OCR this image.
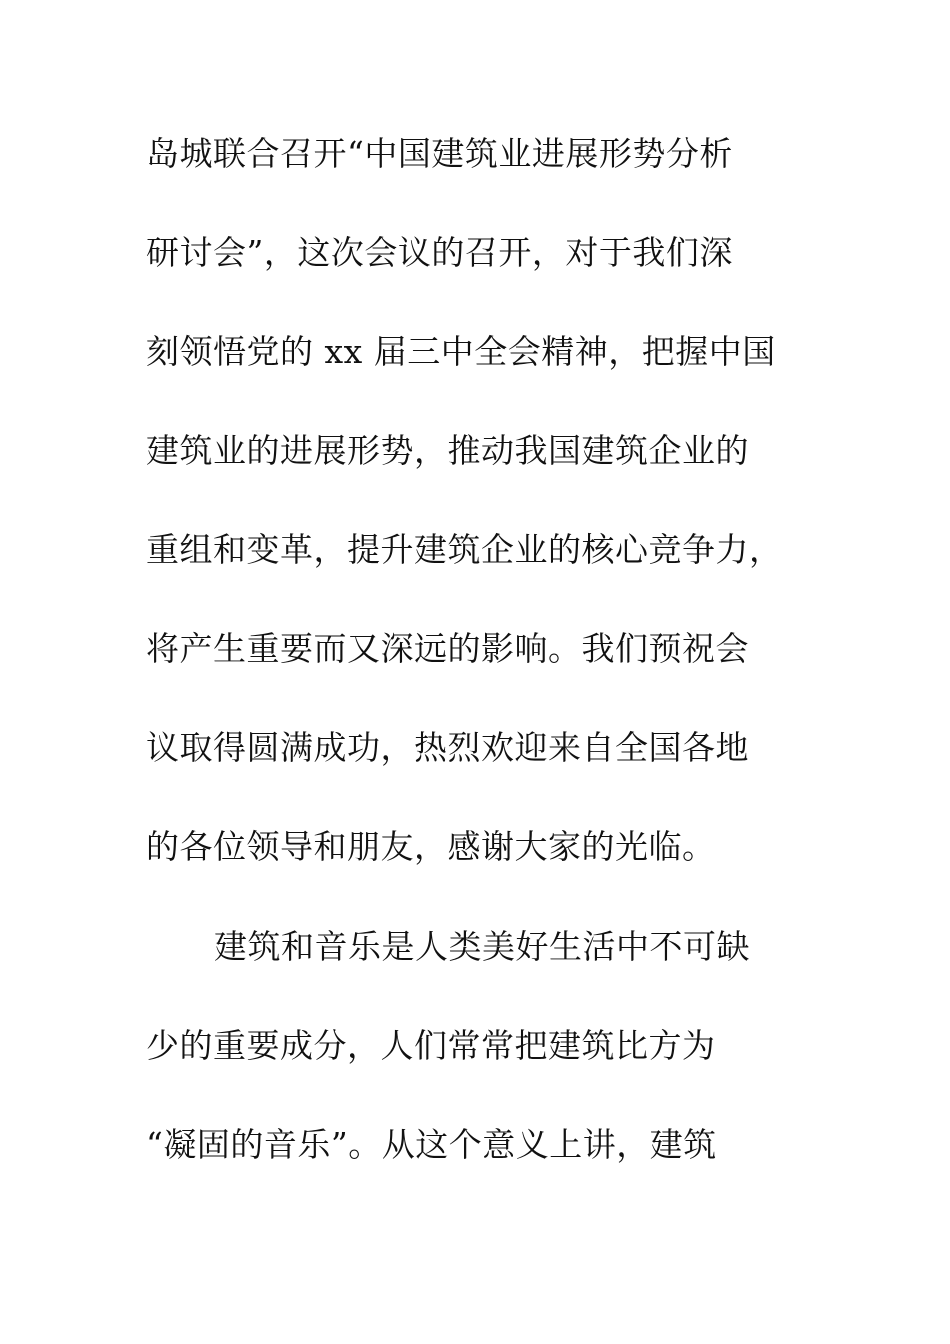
岛城联合召开“中国建筑业进展形势分析
研讨会”，这次会议的召开，对于我们深
刻领悟党的 xx 届三中全会精神，把握中国
建筑业的进展形势，推动我国建筑企业的
重组和变革，提升建筑企业的核心竞争力，
将产生重要而又深远的影响。我们预祝会
议取得圆满成功，热烈欢迎来自全国各地
的各位领导和朋友，感谢大家的光临。
建筑和音乐是人类美好生活中不可缺
少的重要成分，人们常常把建筑比方为
“凝固的音乐”。从这个意义上讲，建筑
